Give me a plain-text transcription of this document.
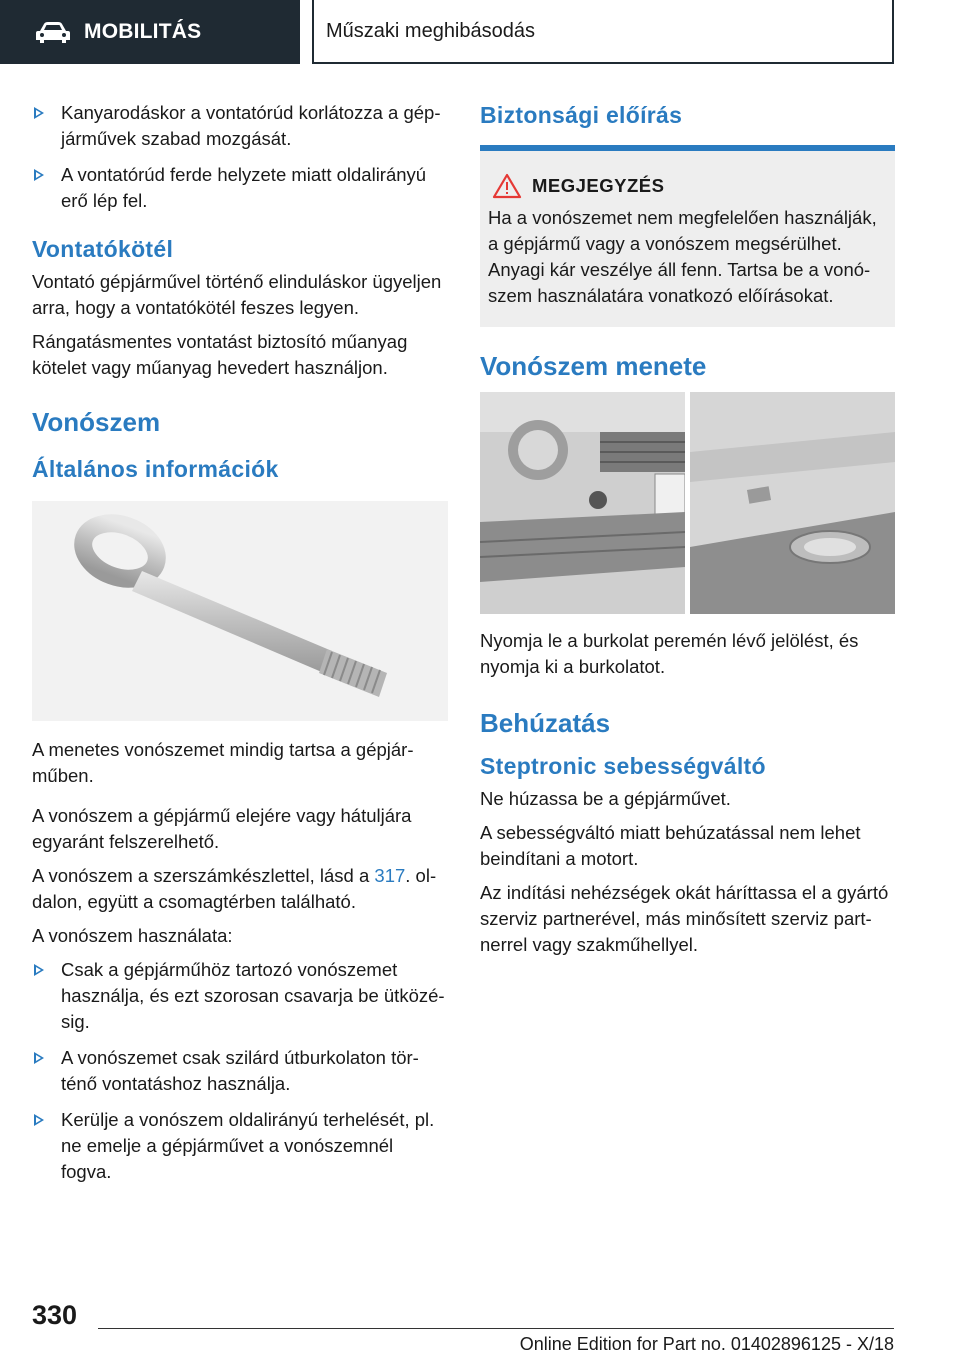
MOBILITÁS	Műszaki meghibásodás

Kanyarodáskor a vontatórúd korlátozza a gépjárművek szabad mozgását.

A vontatórúd ferde helyzete miatt oldalirányú erő lép fel.

Vontatókötél

Vontató gépjárművel történő elinduláskor ügyeljen arra, hogy a vontatókötél feszes legyen.

Rángatásmentes vontatást biztosító műanyag kötelet vagy műanyag hevedert használjon.

Vonószem
Általános információk

A menetes vonószemet mindig tartsa a gépjárműben.

A vonószem a gépjármű elejére vagy hátuljára egyaránt felszerelhető.

A vonószem a szerszámkészlettel, lásd a 317. oldalon, együtt a csomagtérben található.

A vonószem használata:

Csak a gépjárműhöz tartozó vonószemet használja, és ezt szorosan csavarja be ütközésig.

A vonószemet csak szilárd útburkolaton történő vontatáshoz használja.

Kerülje a vonószem oldalirányú terhelését, pl. ne emelje a gépjárművet a vonószemnél fogva.

Biztonsági előírás
MEGJEGYZÉS

Ha a vonószemet nem megfelelően használják, a gépjármű vagy a vonószem megsérülhet. Anyagi kár veszélye áll fenn. Tartsa be a vonószem használatára vonatkozó előírásokat.

Vonószem menete

Nyomja le a burkolat peremén lévő jelölést, és nyomja ki a burkolatot.

Behúzatás
Steptronic sebességváltó

Ne húzassa be a gépjárművet.

A sebességváltó miatt behúzatással nem lehet beindítani a motort.

Az indítási nehézségek okát háríttassa el a gyártó szerviz partnerével, más minősített szerviz partnerrel vagy szakműhellyel.

330
Online Edition for Part no. 01402896125 - X/18
